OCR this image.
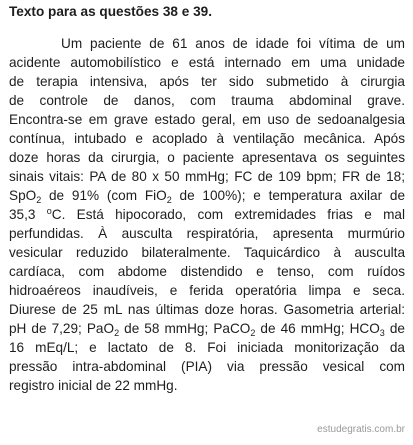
Texto para as questões 38 e 39.
Um paciente de 61 anos de idade foi vítima de um
acidente automobilístico e está internado em uma unidade
de terapia intensiva, após ter sido submetido à cirurgia
de controle de danos, com trauma abdominal grave.
Encontra-se em grave estado geral, em uso de sedoanalgesia
contínua, intubado e acoplado à ventilação mecânica. Após
doze horas da cirurgia, o paciente apresentava os seguintes
sinais vitais: PA de 80 x 50 mmHg; FC de 109 bpm; FR de 18;
SpO$_2$ de 91% (com FiO$_2$ de 100%); e temperatura axilar de
35,3 $^o$C. Está hipocorado, com extremidades frias e mal
perfundidas. À ausculta respiratória, apresenta murmúrio
vesicular reduzido bilateralmente. Taquicárdico à ausculta
cardíaca, com abdome distendido e tenso, com ruídos
hidroaéreos inaudíveis, e ferida operatória limpa e seca.
Diurese de 25 mL nas últimas doze horas. Gasometria arterial:
pH de 7,29; PaO$_2$ de 58 mmHg; PaCO$_2$ de 46 mmHg; $HCO_3$ de
16 mEq/L; e lactato de 8. Foi iniciada monitorização da
pressão intra-abdominal (PIA) via pressão vesical com
registro inicial de 22 mmHg.
estudegratis.com.br
